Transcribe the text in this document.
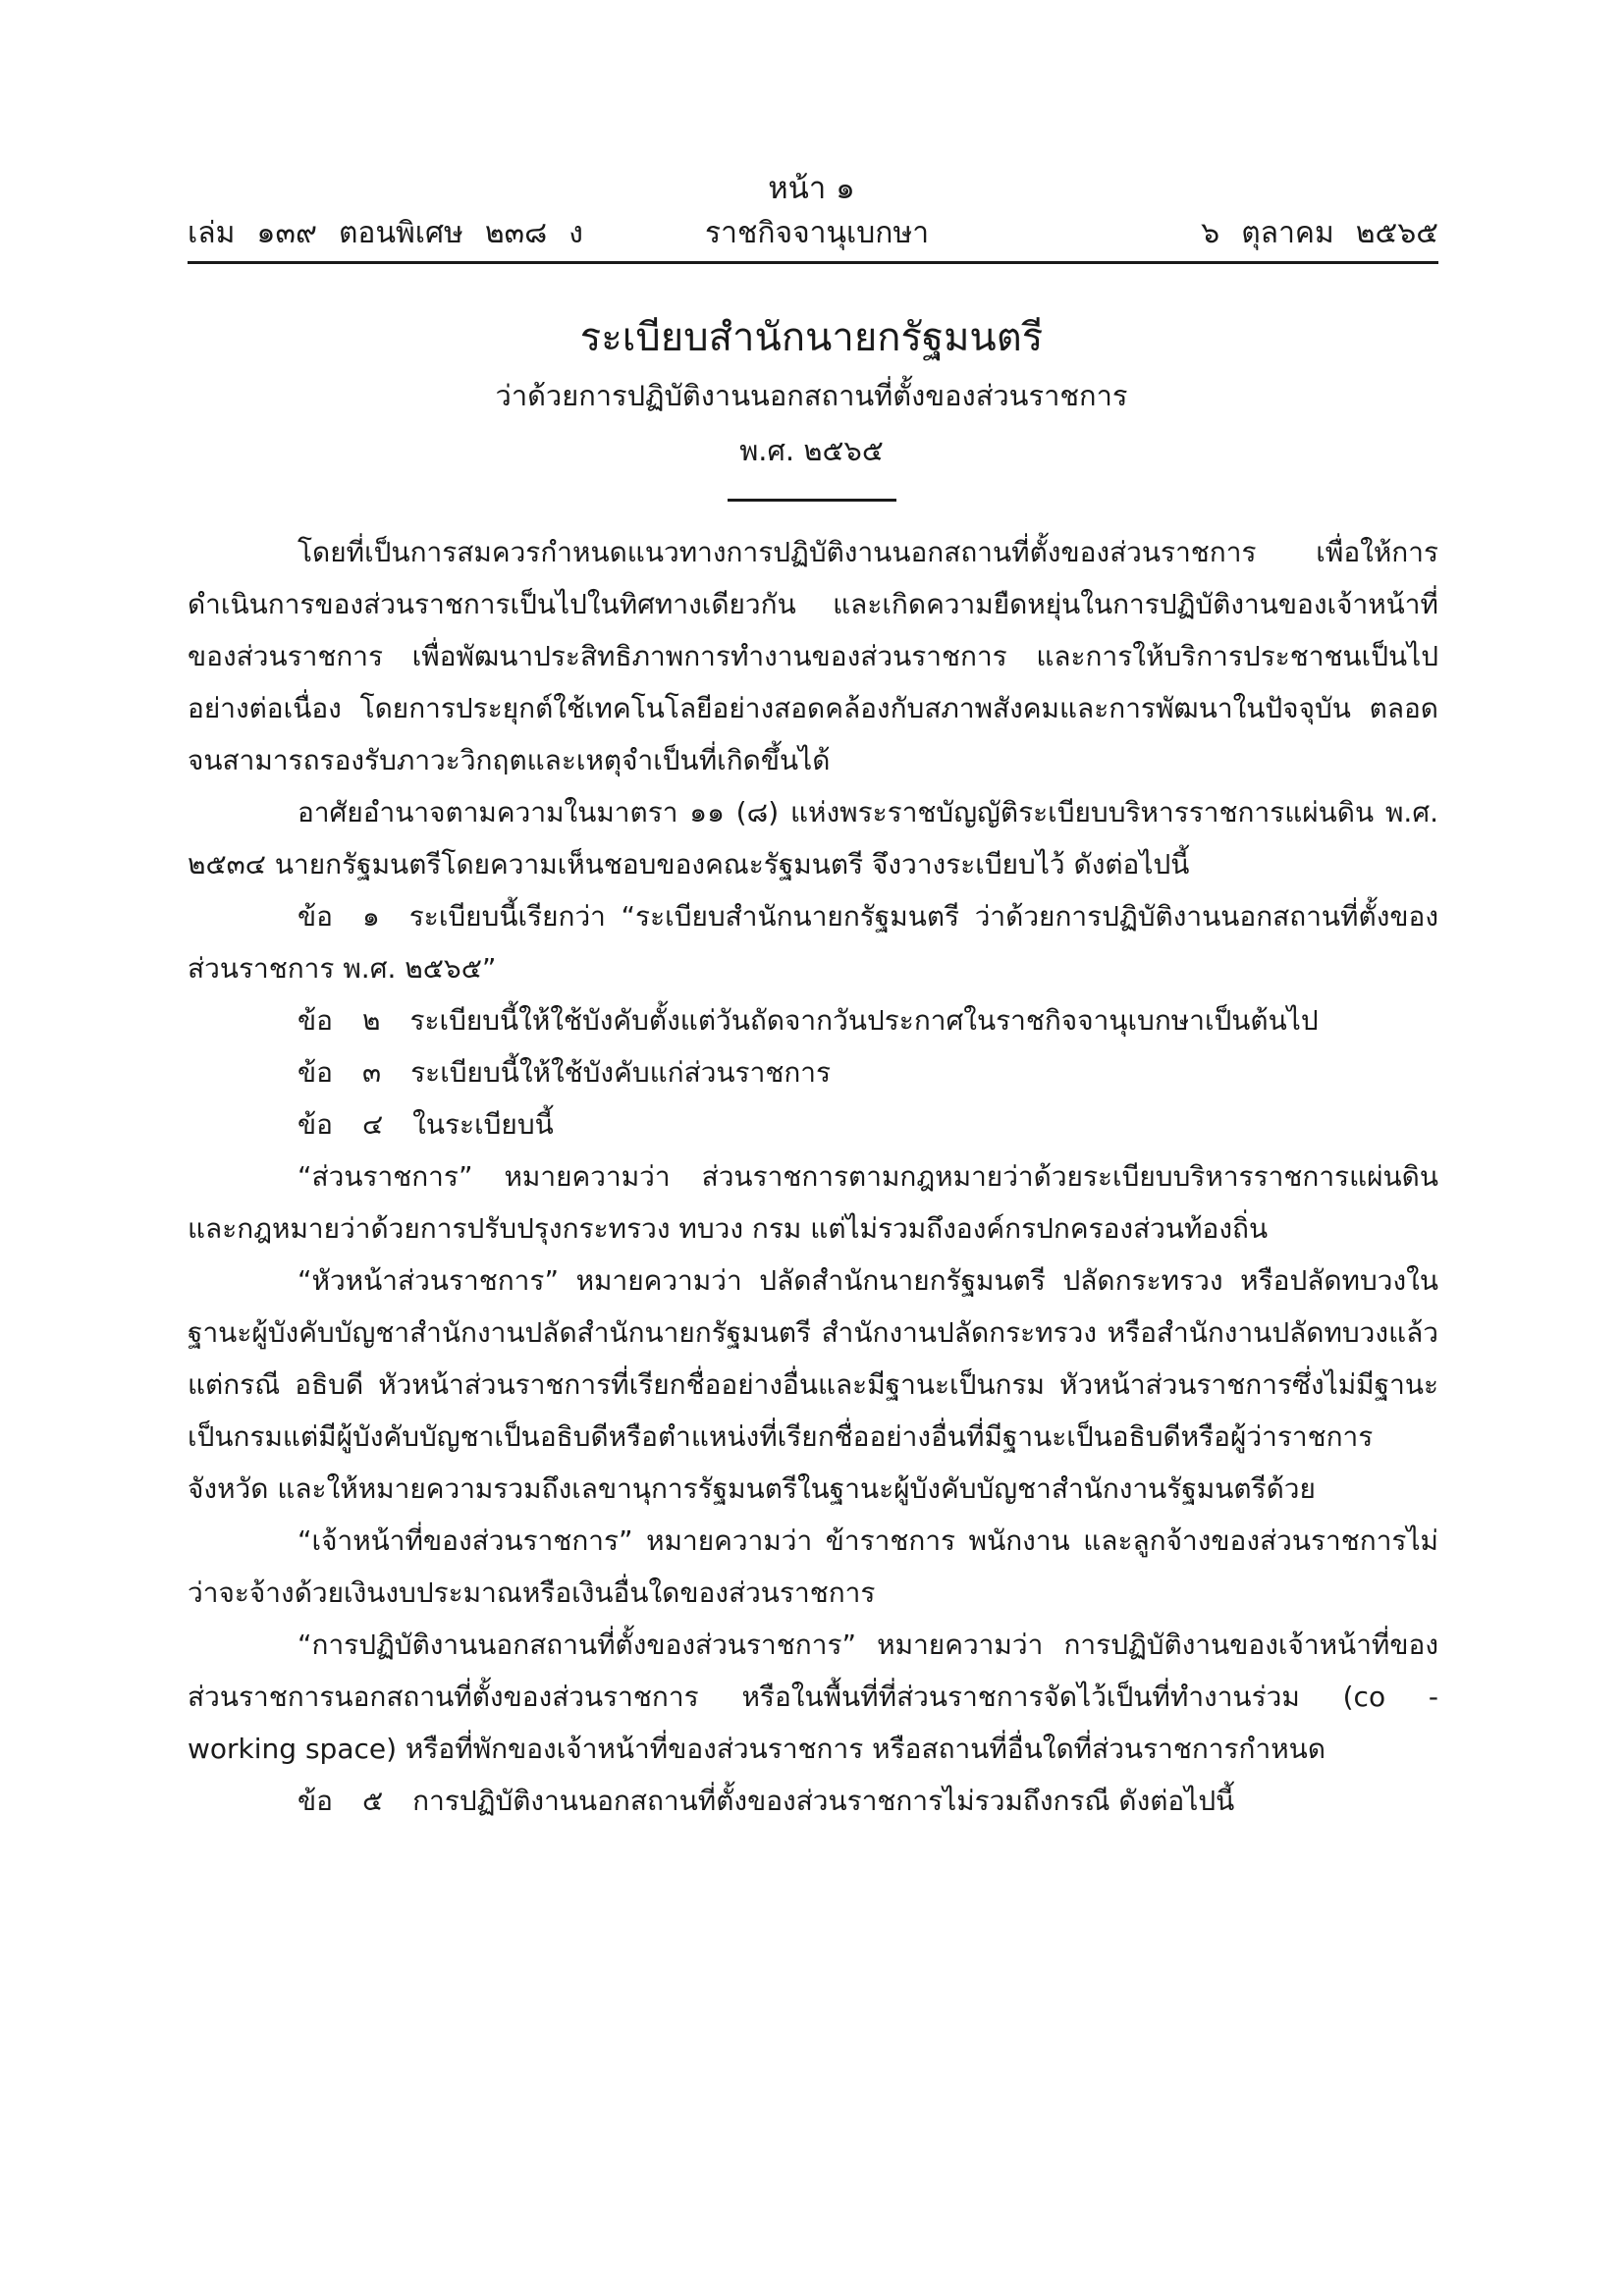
หน้า ๑
เล่ม ๑๓๙ ตอนพิเศษ ๒๓๘ ง	ราชกิจจานุเบกษา	๖ ตุลาคม ๒๕๖๕
ระเบียบสำนักนายกรัฐมนตรี
ว่าด้วยการปฏิบัติงานนอกสถานที่ตั้งของส่วนราชการ
พ.ศ. ๒๕๖๕

โดยที่เป็นการสมควรกำหนดแนวทางการปฏิบัติงานนอกสถานที่ตั้งของส่วนราชการ เพื่อให้การดำเนินการของส่วนราชการเป็นไปในทิศทางเดียวกัน และเกิดความยืดหยุ่นในการปฏิบัติงานของเจ้าหน้าที่ของส่วนราชการ เพื่อพัฒนาประสิทธิภาพการทำงานของส่วนราชการ และการให้บริการประชาชนเป็นไปอย่างต่อเนื่อง โดยการประยุกต์ใช้เทคโนโลยีอย่างสอดคล้องกับสภาพสังคมและการพัฒนาในปัจจุบัน ตลอดจนสามารถรองรับภาวะวิกฤตและเหตุจำเป็นที่เกิดขึ้นได้

อาศัยอำนาจตามความในมาตรา ๑๑ (๘) แห่งพระราชบัญญัติระเบียบบริหารราชการแผ่นดิน พ.ศ. ๒๕๓๔ นายกรัฐมนตรีโดยความเห็นชอบของคณะรัฐมนตรี จึงวางระเบียบไว้ ดังต่อไปนี้

ข้อ ๑ ระเบียบนี้เรียกว่า “ระเบียบสำนักนายกรัฐมนตรี ว่าด้วยการปฏิบัติงานนอกสถานที่ตั้งของส่วนราชการ พ.ศ. ๒๕๖๕”

ข้อ ๒ ระเบียบนี้ให้ใช้บังคับตั้งแต่วันถัดจากวันประกาศในราชกิจจานุเบกษาเป็นต้นไป

ข้อ ๓ ระเบียบนี้ให้ใช้บังคับแก่ส่วนราชการ

ข้อ ๔ ในระเบียบนี้

“ส่วนราชการ” หมายความว่า ส่วนราชการตามกฎหมายว่าด้วยระเบียบบริหารราชการแผ่นดินและกฎหมายว่าด้วยการปรับปรุงกระทรวง ทบวง กรม แต่ไม่รวมถึงองค์กรปกครองส่วนท้องถิ่น

“หัวหน้าส่วนราชการ” หมายความว่า ปลัดสำนักนายกรัฐมนตรี ปลัดกระทรวง หรือปลัดทบวงในฐานะผู้บังคับบัญชาสำนักงานปลัดสำนักนายกรัฐมนตรี สำนักงานปลัดกระทรวง หรือสำนักงานปลัดทบวงแล้วแต่กรณี อธิบดี หัวหน้าส่วนราชการที่เรียกชื่ออย่างอื่นและมีฐานะเป็นกรม หัวหน้าส่วนราชการซึ่งไม่มีฐานะเป็นกรมแต่มีผู้บังคับบัญชาเป็นอธิบดีหรือตำแหน่งที่เรียกชื่ออย่างอื่นที่มีฐานะเป็นอธิบดีหรือผู้ว่าราชการจังหวัด และให้หมายความรวมถึงเลขานุการรัฐมนตรีในฐานะผู้บังคับบัญชาสำนักงานรัฐมนตรีด้วย

“เจ้าหน้าที่ของส่วนราชการ” หมายความว่า ข้าราชการ พนักงาน และลูกจ้างของส่วนราชการไม่ว่าจะจ้างด้วยเงินงบประมาณหรือเงินอื่นใดของส่วนราชการ

“การปฏิบัติงานนอกสถานที่ตั้งของส่วนราชการ” หมายความว่า การปฏิบัติงานของเจ้าหน้าที่ของส่วนราชการนอกสถานที่ตั้งของส่วนราชการ หรือในพื้นที่ที่ส่วนราชการจัดไว้เป็นที่ทำงานร่วม (co - working space) หรือที่พักของเจ้าหน้าที่ของส่วนราชการ หรือสถานที่อื่นใดที่ส่วนราชการกำหนด

ข้อ ๕ การปฏิบัติงานนอกสถานที่ตั้งของส่วนราชการไม่รวมถึงกรณี ดังต่อไปนี้
